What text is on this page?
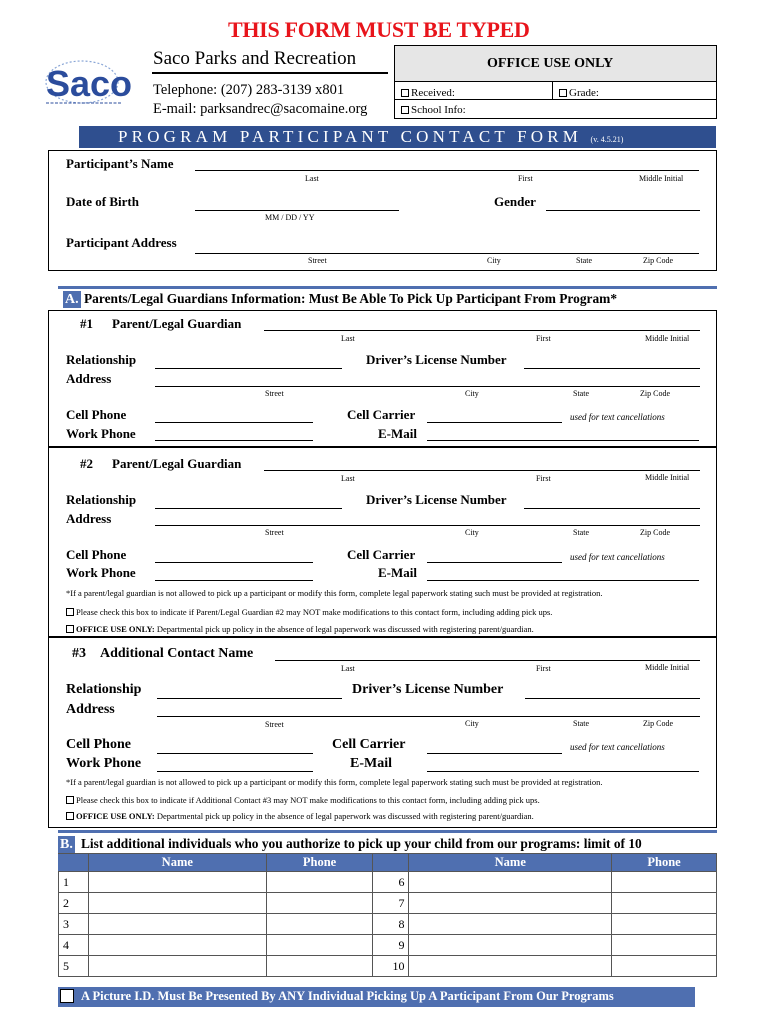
THIS FORM MUST BE TYPED
Saco
Saco Parks and Recreation
Telephone: (207) 283-3139 x801
E-mail: parksandrec@sacomaine.org
OFFICE USE ONLY
Received:	Grade:
School Info:
PROGRAM PARTICIPANT CONTACT FORM (v. 4.5.21)
Participant’s Name
Last	First	Middle Initial
Date of Birth
MM / DD / YY
Gender
Participant Address
Street	City	State	Zip Code
A. Parents/Legal Guardians Information: Must Be Able To Pick Up Participant From Program*
#1 Parent/Legal Guardian
Last	First	Middle Initial
Relationship	Driver’s License Number
Address
Street	City	State	Zip Code
Cell Phone	Cell Carrier	used for text cancellations
Work Phone	E-Mail
#2 Parent/Legal Guardian
Last	First	Middle Initial
Relationship	Driver’s License Number
Address
Street	City	State	Zip Code
Cell Phone	Cell Carrier	used for text cancellations
Work Phone	E-Mail
*If a parent/legal guardian is not allowed to pick up a participant or modify this form, complete legal paperwork stating such must be provided at registration.
Please check this box to indicate if Parent/Legal Guardian #2 may NOT make modifications to this contact form, including adding pick ups.
OFFICE USE ONLY: Departmental pick up policy in the absence of legal paperwork was discussed with registering parent/guardian.
#3 Additional Contact Name
Last	First	Middle Initial
Relationship	Driver’s License Number
Address
Street	City	State	Zip Code
Cell Phone	Cell Carrier	used for text cancellations
Work Phone	E-Mail
*If a parent/legal guardian is not allowed to pick up a participant or modify this form, complete legal paperwork stating such must be provided at registration.
Please check this box to indicate if Additional Contact #3 may NOT make modifications to this contact form, including adding pick ups.
OFFICE USE ONLY: Departmental pick up policy in the absence of legal paperwork was discussed with registering parent/guardian.
B. List additional individuals who you authorize to pick up your child from our programs: limit of 10
	Name	Phone		Name	Phone
1			6		
2			7		
3			8		
4			9		
5			10		
A Picture I.D. Must Be Presented By ANY Individual Picking Up A Participant From Our Programs
